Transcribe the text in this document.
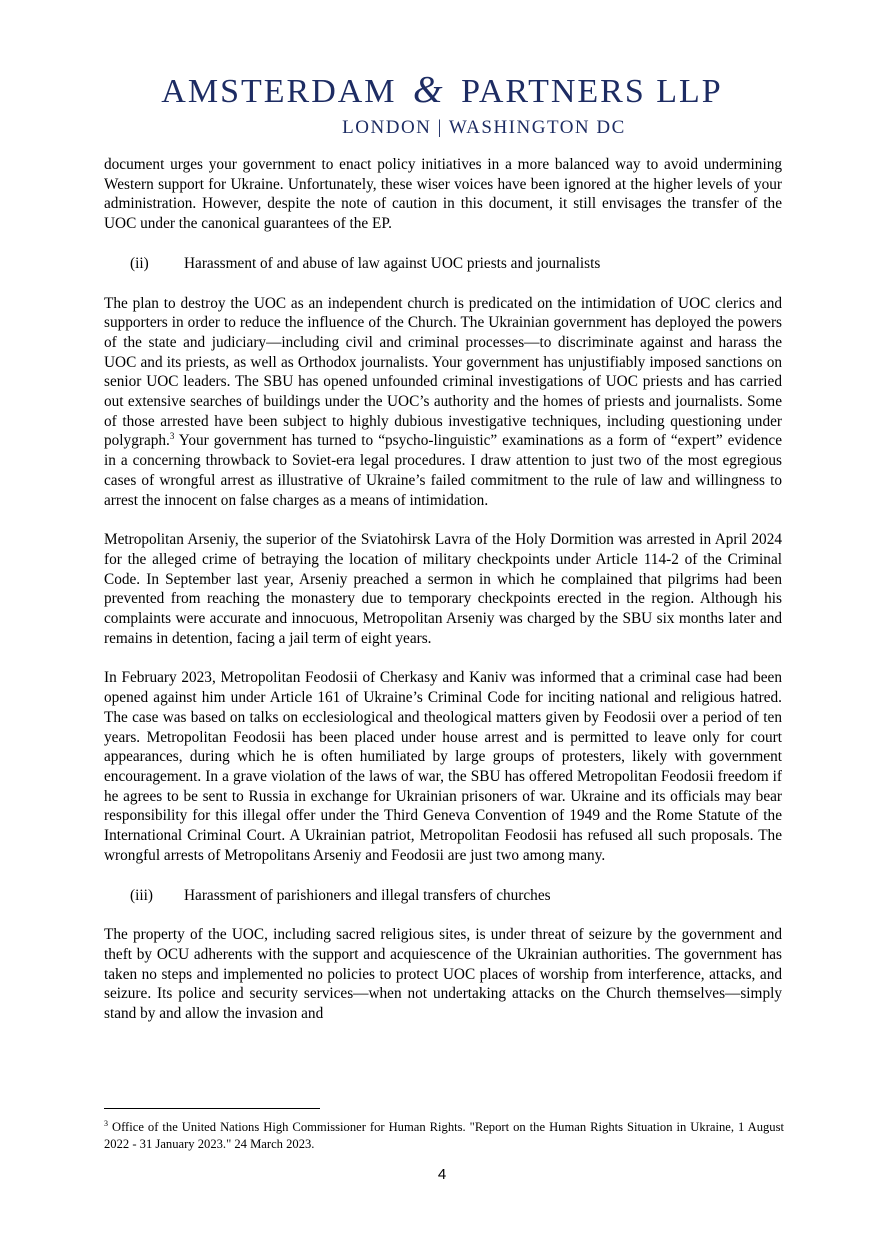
AMSTERDAM & PARTNERS LLP
LONDON | WASHINGTON DC

document urges your government to enact policy initiatives in a more balanced way to avoid undermining Western support for Ukraine. Unfortunately, these wiser voices have been ignored at the higher levels of your administration. However, despite the note of caution in this document, it still envisages the transfer of the UOC under the canonical guarantees of the EP.

(ii)	Harassment of and abuse of law against UOC priests and journalists

The plan to destroy the UOC as an independent church is predicated on the intimidation of UOC clerics and supporters in order to reduce the influence of the Church. The Ukrainian government has deployed the powers of the state and judiciary—including civil and criminal processes—to discriminate against and harass the UOC and its priests, as well as Orthodox journalists. Your government has unjustifiably imposed sanctions on senior UOC leaders. The SBU has opened unfounded criminal investigations of UOC priests and has carried out extensive searches of buildings under the UOC’s authority and the homes of priests and journalists. Some of those arrested have been subject to highly dubious investigative techniques, including questioning under polygraph.$^3$ Your government has turned to “psycho-linguistic” examinations as a form of “expert” evidence in a concerning throwback to Soviet-era legal procedures. I draw attention to just two of the most egregious cases of wrongful arrest as illustrative of Ukraine’s failed commitment to the rule of law and willingness to arrest the innocent on false charges as a means of intimidation.

Metropolitan Arseniy, the superior of the Sviatohirsk Lavra of the Holy Dormition was arrested in April 2024 for the alleged crime of betraying the location of military checkpoints under Article 114-2 of the Criminal Code. In September last year, Arseniy preached a sermon in which he complained that pilgrims had been prevented from reaching the monastery due to temporary checkpoints erected in the region. Although his complaints were accurate and innocuous, Metropolitan Arseniy was charged by the SBU six months later and remains in detention, facing a jail term of eight years.

In February 2023, Metropolitan Feodosii of Cherkasy and Kaniv was informed that a criminal case had been opened against him under Article 161 of Ukraine’s Criminal Code for inciting national and religious hatred. The case was based on talks on ecclesiological and theological matters given by Feodosii over a period of ten years. Metropolitan Feodosii has been placed under house arrest and is permitted to leave only for court appearances, during which he is often humiliated by large groups of protesters, likely with government encouragement. In a grave violation of the laws of war, the SBU has offered Metropolitan Feodosii freedom if he agrees to be sent to Russia in exchange for Ukrainian prisoners of war. Ukraine and its officials may bear responsibility for this illegal offer under the Third Geneva Convention of 1949 and the Rome Statute of the International Criminal Court. A Ukrainian patriot, Metropolitan Feodosii has refused all such proposals. The wrongful arrests of Metropolitans Arseniy and Feodosii are just two among many.

(iii)	Harassment of parishioners and illegal transfers of churches

The property of the UOC, including sacred religious sites, is under threat of seizure by the government and theft by OCU adherents with the support and acquiescence of the Ukrainian authorities. The government has taken no steps and implemented no policies to protect UOC places of worship from interference, attacks, and seizure. Its police and security services—when not undertaking attacks on the Church themselves—simply stand by and allow the invasion and

$^3$ Office of the United Nations High Commissioner for Human Rights. "Report on the Human Rights Situation in Ukraine, 1 August 2022 - 31 January 2023." 24 March 2023.
4
